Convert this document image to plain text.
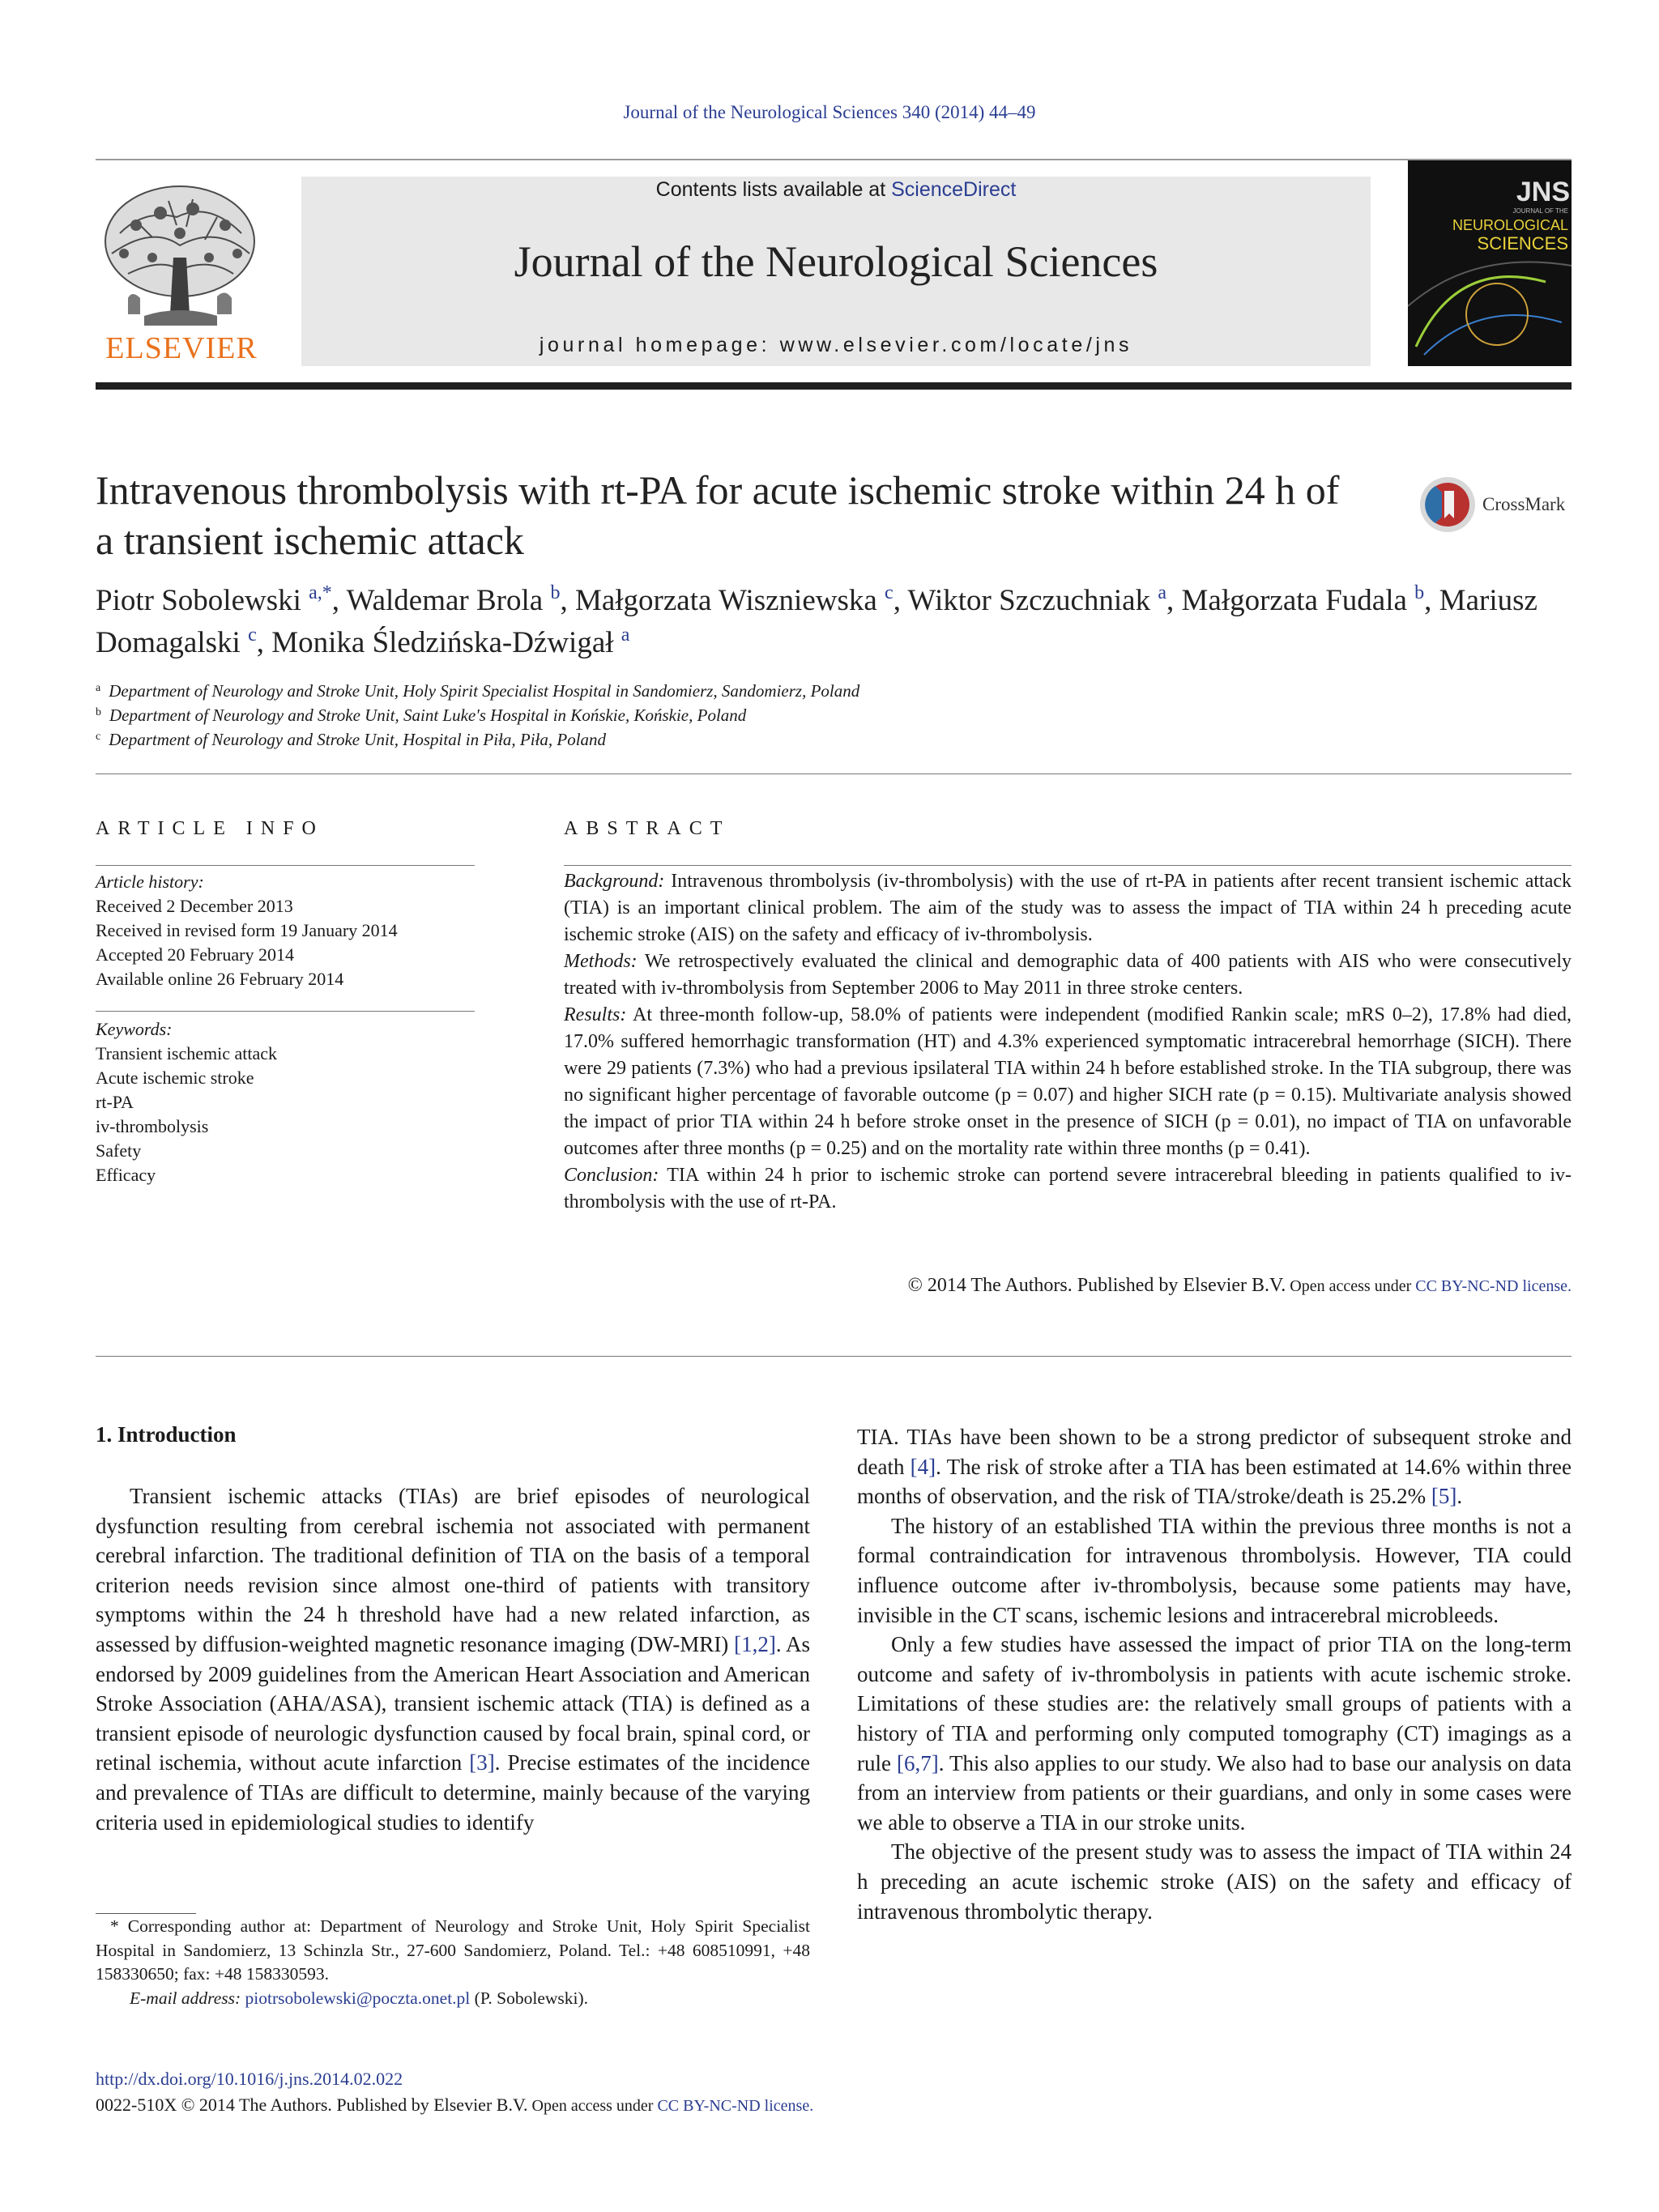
Journal of the Neurological Sciences 340 (2014) 44–49
ELSEVIER
Contents lists available at ScienceDirect
Journal of the Neurological Sciences
journal homepage: www.elsevier.com/locate/jns
JNS
JOURNAL OF THE
NEUROLOGICAL
SCIENCES
Intravenous thrombolysis with rt-PA for acute ischemic stroke within 24 h of a transient ischemic attack
CrossMark
Piotr Sobolewski $^{a,*}$, Waldemar Brola $^b$, Małgorzata Wiszniewska $^c$, Wiktor Szczuchniak $^a$, Małgorzata Fudala $^b$, Mariusz Domagalski $^c$, Monika Śledzińska-Dźwigał $^a$
$^a$ Department of Neurology and Stroke Unit, Holy Spirit Specialist Hospital in Sandomierz, Sandomierz, Poland
$^b$ Department of Neurology and Stroke Unit, Saint Luke's Hospital in Końskie, Końskie, Poland
$^c$ Department of Neurology and Stroke Unit, Hospital in Piła, Piła, Poland
ARTICLE INFO
Article history:
Received 2 December 2013
Received in revised form 19 January 2014
Accepted 20 February 2014
Available online 26 February 2014
Keywords:
Transient ischemic attack
Acute ischemic stroke
rt-PA
iv-thrombolysis
Safety
Efficacy
ABSTRACT

Background: Intravenous thrombolysis (iv-thrombolysis) with the use of rt-PA in patients after recent transient ischemic attack (TIA) is an important clinical problem. The aim of the study was to assess the impact of TIA within 24 h preceding acute ischemic stroke (AIS) on the safety and efficacy of iv-thrombolysis.

Methods: We retrospectively evaluated the clinical and demographic data of 400 patients with AIS who were consecutively treated with iv-thrombolysis from September 2006 to May 2011 in three stroke centers.

Results: At three-month follow-up, 58.0% of patients were independent (modified Rankin scale; mRS 0–2), 17.8% had died, 17.0% suffered hemorrhagic transformation (HT) and 4.3% experienced symptomatic intracerebral hemorrhage (SICH). There were 29 patients (7.3%) who had a previous ipsilateral TIA within 24 h before established stroke. In the TIA subgroup, there was no significant higher percentage of favorable outcome (p = 0.07) and higher SICH rate (p = 0.15). Multivariate analysis showed the impact of prior TIA within 24 h before stroke onset in the presence of SICH (p = 0.01), no impact of TIA on unfavorable outcomes after three months (p = 0.25) and on the mortality rate within three months (p = 0.41).

Conclusion: TIA within 24 h prior to ischemic stroke can portend severe intracerebral bleeding in patients qualified to iv-thrombolysis with the use of rt-PA.

© 2014 The Authors. Published by Elsevier B.V. Open access under CC BY-NC-ND license.
1. Introduction

Transient ischemic attacks (TIAs) are brief episodes of neurological dysfunction resulting from cerebral ischemia not associated with permanent cerebral infarction. The traditional definition of TIA on the basis of a temporal criterion needs revision since almost one-third of patients with transitory symptoms within the 24 h threshold have had a new related infarction, as assessed by diffusion-weighted magnetic resonance imaging (DW-MRI) [1,2]. As endorsed by 2009 guidelines from the American Heart Association and American Stroke Association (AHA/ASA), transient ischemic attack (TIA) is defined as a transient episode of neurologic dysfunction caused by focal brain, spinal cord, or retinal ischemia, without acute infarction [3]. Precise estimates of the incidence and prevalence of TIAs are difficult to determine, mainly because of the varying criteria used in epidemiological studies to identify

TIA. TIAs have been shown to be a strong predictor of subsequent stroke and death [4]. The risk of stroke after a TIA has been estimated at 14.6% within three months of observation, and the risk of TIA/stroke/death is 25.2% [5].

The history of an established TIA within the previous three months is not a formal contraindication for intravenous thrombolysis. However, TIA could influence outcome after iv-thrombolysis, because some patients may have, invisible in the CT scans, ischemic lesions and intracerebral microbleeds.

Only a few studies have assessed the impact of prior TIA on the long-term outcome and safety of iv-thrombolysis in patients with acute ischemic stroke. Limitations of these studies are: the relatively small groups of patients with a history of TIA and performing only computed tomography (CT) imagings as a rule [6,7]. This also applies to our study. We also had to base our analysis on data from an interview from patients or their guardians, and only in some cases were we able to observe a TIA in our stroke units.

The objective of the present study was to assess the impact of TIA within 24 h preceding an acute ischemic stroke (AIS) on the safety and efficacy of intravenous thrombolytic therapy.

* Corresponding author at: Department of Neurology and Stroke Unit, Holy Spirit Specialist Hospital in Sandomierz, 13 Schinzla Str., 27-600 Sandomierz, Poland. Tel.: +48 608510991, +48 158330650; fax: +48 158330593.

E-mail address: piotrsobolewski@poczta.onet.pl (P. Sobolewski).

http://dx.doi.org/10.1016/j.jns.2014.02.022
0022-510X © 2014 The Authors. Published by Elsevier B.V. Open access under CC BY-NC-ND license.
